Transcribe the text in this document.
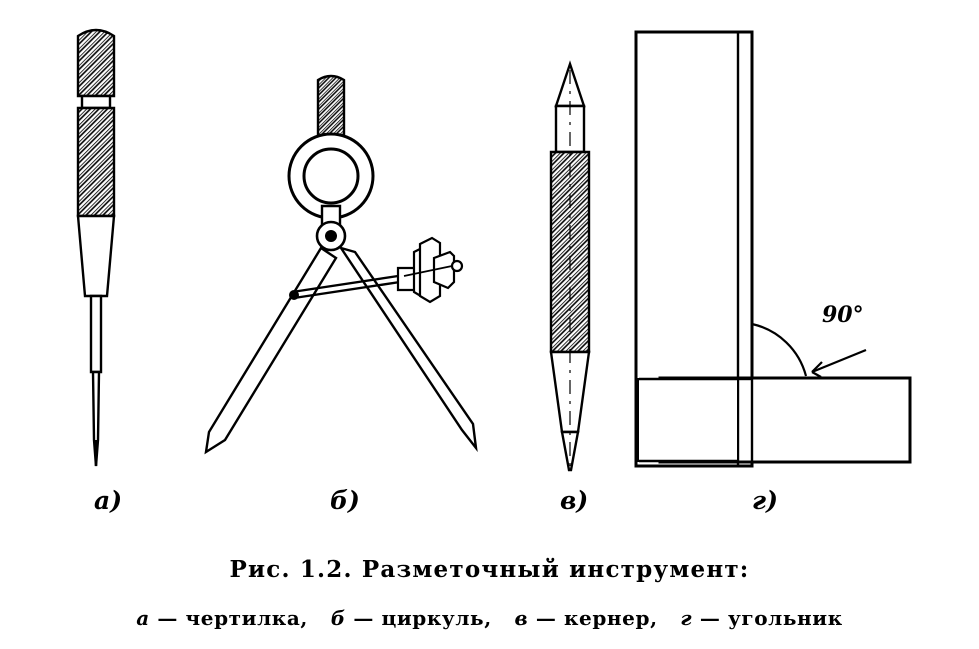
а)	б)	в)	г)
90°
Рис. 1.2. Разметочный инструмент:
а — чертилка, б — циркуль, в — кернер, г — угольник
